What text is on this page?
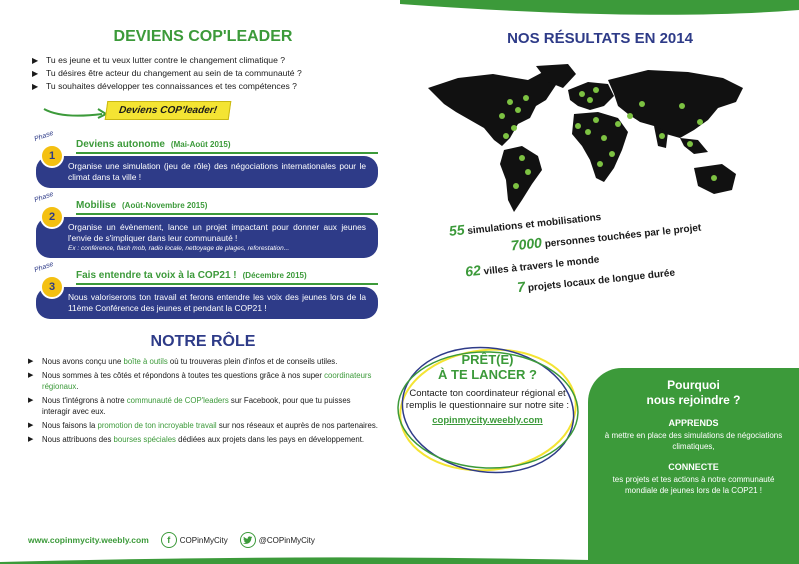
DEVIENS COP'LEADER
▶ Tu es jeune et tu veux lutter contre le changement climatique ?
▶ Tu désires être acteur du changement au sein de ta communauté ?
▶ Tu souhaites développer tes connaissances et tes compétences ?
Deviens COP'leader!
Phase
1
Deviens autonome (Mai-Août 2015)
Organise une simulation (jeu de rôle) des négociations internationales pour le climat dans ta ville !
Phase
2
Mobilise (Août-Novembre 2015)
Organise un évènement, lance un projet impactant pour donner aux jeunes l'envie de s'impliquer dans leur communauté !
Ex : conférence, flash mob, radio locale, nettoyage de plages, reforestation...
Phase
3
Fais entendre ta voix à la COP21 ! (Décembre 2015)
Nous valoriserons ton travail et ferons entendre les voix des jeunes lors de la 11ème Conférence des jeunes et pendant la COP21 !
NOTRE RÔLE
▶ Nous avons conçu une boîte à outils où tu trouveras plein d'infos et de conseils utiles.
▶ Nous sommes à tes côtés et répondons à toutes tes questions grâce à nos super coordinateurs régionaux.
▶ Nous t'intégrons à notre communauté de COP'leaders sur Facebook, pour que tu puisses interagir avec eux.
▶ Nous faisons la promotion de ton incroyable travail sur nos réseaux et auprès de nos partenaires.
▶ Nous attribuons des bourses spéciales dédiées aux projets dans les pays en développement.
www.copinmycity.weebly.com	f	COPinMyCity	@COPinMyCity
NOS RÉSULTATS EN 2014
55 simulations et mobilisations
7000 personnes touchées par le projet
62 villes à travers le monde
7 projets locaux de longue durée
PRÊT(E)
À TE LANCER ?
Contacte ton coordinateur régional et remplis le questionnaire sur notre site :
copinmycity.weebly.com
Pourquoi
nous rejoindre ?
APPRENDS
à mettre en place des simulations de négociations climatiques,
CONNECTE
tes projets et tes actions à notre communauté mondiale de jeunes lors de la COP21 !
